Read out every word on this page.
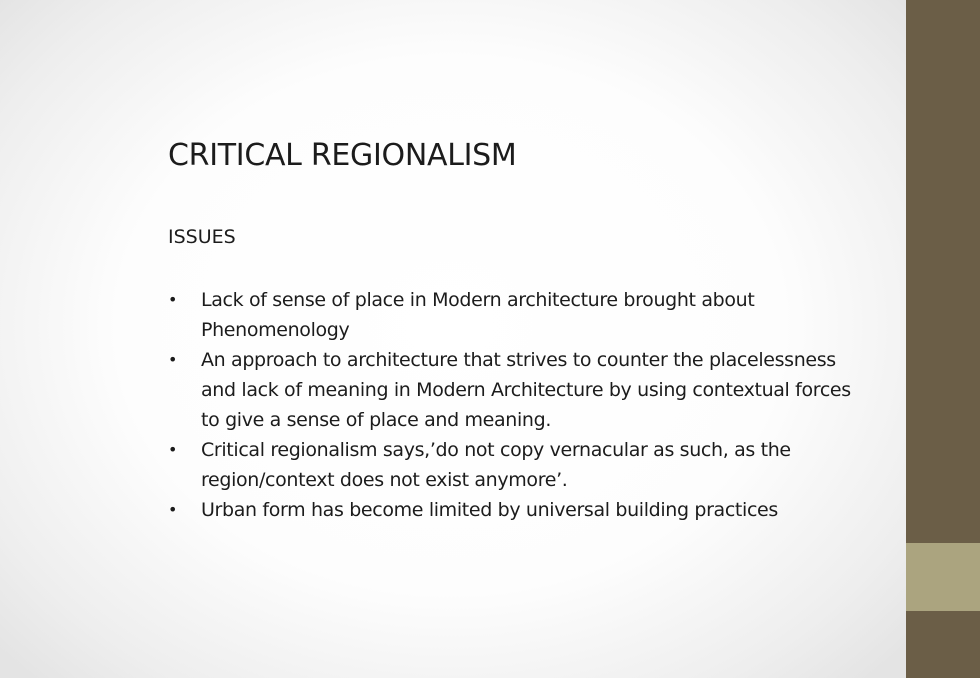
CRITICAL REGIONALISM
ISSUES
• Lack of sense of place in Modern architecture brought about Phenomenology
• An approach to architecture that strives to counter the placelessness and lack of meaning in Modern Architecture by using contextual forces to give a sense of place and meaning.
• Critical regionalism says,’do not copy vernacular as such, as the region/context does not exist anymore’.
• Urban form has become limited by universal building practices
